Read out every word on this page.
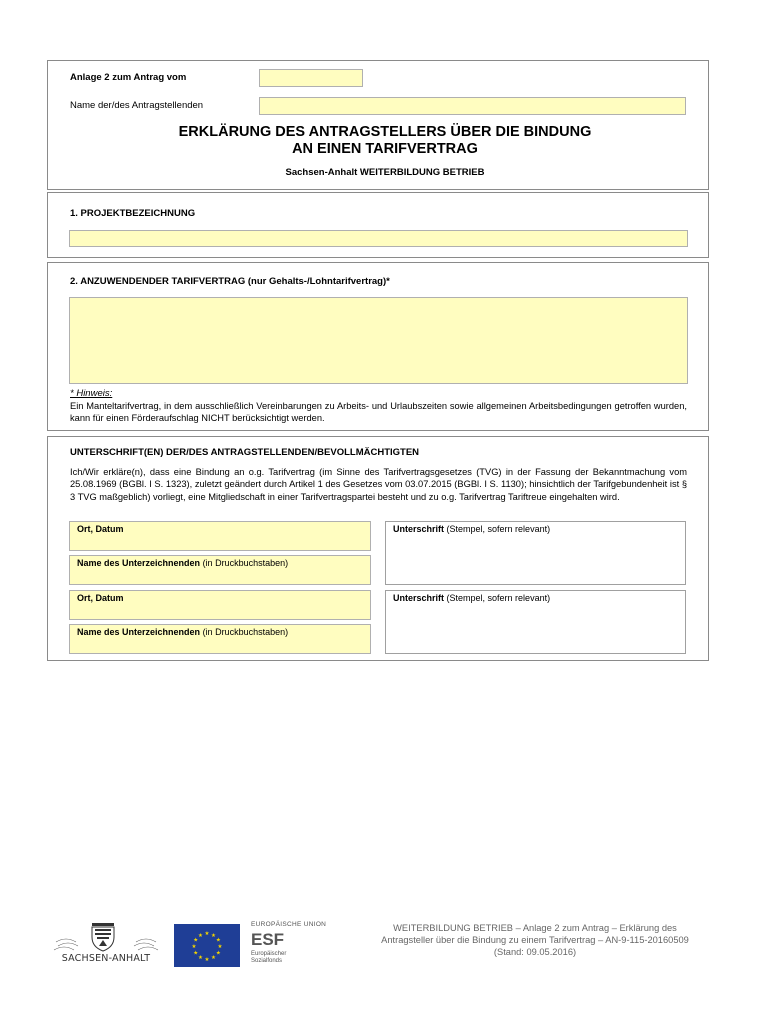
Anlage 2 zum Antrag vom
Name der/des Antragstellenden
ERKLÄRUNG DES ANTRAGSTELLERS ÜBER DIE BINDUNG
AN EINEN TARIFVERTRAG
Sachsen-Anhalt WEITERBILDUNG BETRIEB
1. PROJEKTBEZEICHNUNG
2. ANZUWENDENDER TARIFVERTRAG (nur Gehalts-/Lohntarifvertrag)*
* Hinweis:
Ein Manteltarifvertrag, in dem ausschließlich Vereinbarungen zu Arbeits- und Urlaubszeiten sowie allgemeinen Arbeitsbedingungen getroffen wurden, kann für einen Förderaufschlag NICHT berücksichtigt werden.
UNTERSCHRIFT(EN) DER/DES ANTRAGSTELLENDEN/BEVOLLMÄCHTIGTEN
Ich/Wir erkläre(n), dass eine Bindung an o.g. Tarifvertrag (im Sinne des Tarifvertragsgesetzes (TVG) in der Fassung der Bekanntmachung vom 25.08.1969 (BGBl. I S. 1323), zuletzt geändert durch Artikel 1 des Gesetzes vom 03.07.2015 (BGBl. I S. 1130); hinsichtlich der Tarifgebundenheit ist § 3 TVG maßgeblich) vorliegt, eine Mitgliedschaft in einer Tarifvertragspartei besteht und zu o.g. Tarifvertrag Tariftreue eingehalten wird.
Ort, Datum
Name des Unterzeichnenden (in Druckbuchstaben)
Unterschrift (Stempel, sofern relevant)
Ort, Datum
Name des Unterzeichnenden (in Druckbuchstaben)
Unterschrift (Stempel, sofern relevant)
SACHSEN-ANHALT
★ ★
★
★
★
★
★
★
★
★
★
★
EUROPÄISCHE UNION
ESF
Europäischer
Sozialfonds
WEITERBILDUNG BETRIEB – Anlage 2 zum Antrag – Erklärung des
Antragsteller über die Bindung zu einem Tarifvertrag – AN-9-115-20160509
(Stand: 09.05.2016)
